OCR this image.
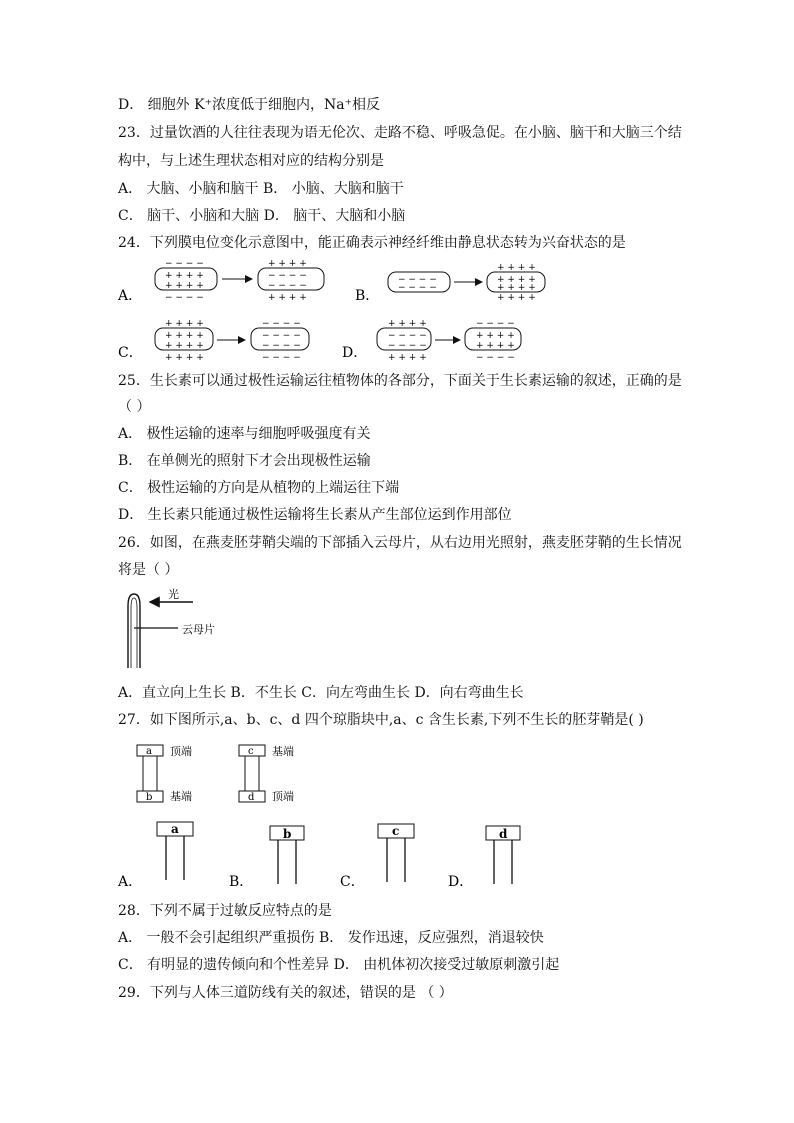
D． 细胞外 K⁺浓度低于细胞内，Na⁺相反
23．过量饮酒的人往往表现为语无伦次、走路不稳、呼吸急促。在小脑、脑干和大脑三个结
构中，与上述生理状态相对应的结构分别是
A． 大脑、小脑和脑干 B． 小脑、大脑和脑干
C． 脑干、小脑和大脑 D． 脑干、大脑和小脑
24．下列膜电位变化示意图中，能正确表示神经纤维由静息状态转为兴奋状态的是
A．
− − − −
+ + + +
+ + + +
− − − −
+ + + +
− − − −
− − − −
+ + + +	B．
− − − −
− − − −
+ + + +
+ + + +
+ + + +
+ + + +
C．
+ + + +
+ + + +
+ + + +
+ + + +
− − − −
− − − −
− − − −
− − − −	D．
+ + + +
− − − −
− − − −
+ + + +
− − − −
+ + + +
+ + + +
− − − −
25．生长素可以通过极性运输运往植物体的各部分，下面关于生长素运输的叙述，正确的是
（ ）
A． 极性运输的速率与细胞呼吸强度有关
B． 在单侧光的照射下才会出现极性运输
C． 极性运输的方向是从植物的上端运往下端
D． 生长素只能通过极性运输将生长素从产生部位运到作用部位
26．如图，在燕麦胚芽鞘尖端的下部插入云母片，从右边用光照射，燕麦胚芽鞘的生长情况
将是（ ）
光
云母片
A．直立向上生长 B．不生长 C．向左弯曲生长 D．向右弯曲生长
27．如下图所示,a、b、c、d 四个琼脂块中,a、c 含生长素,下列不生长的胚芽鞘是( )
a 顶端
b 基端
c 基端
d 顶端
A．
a
B．
b
C．
c
D．
d
28．下列不属于过敏反应特点的是
A． 一般不会引起组织严重损伤 B． 发作迅速，反应强烈，消退较快
C． 有明显的遗传倾向和个性差异 D． 由机体初次接受过敏原刺激引起
29．下列与人体三道防线有关的叙述，错误的是 （ ）
